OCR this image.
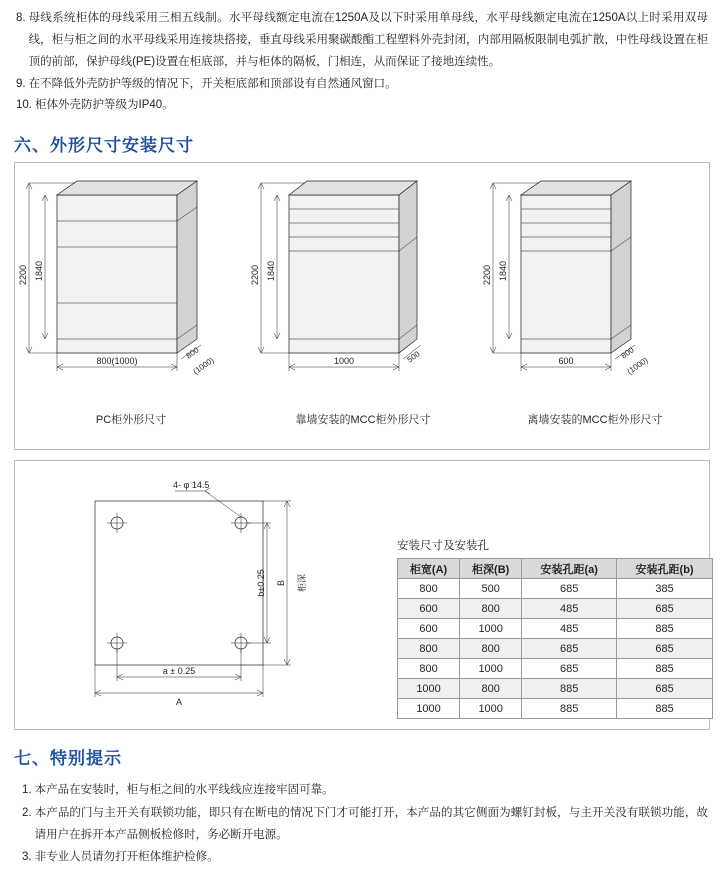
8. 母线系统柜体的母线采用三相五线制。水平母线额定电流在1250A及以下时采用单母线，水平母线额定电流在1250A以上时采用双母线，柜与柜之间的水平母线采用连接块搭接，垂直母线采用聚碳酸酯工程塑料外壳封闭，内部用隔板限制电弧扩散，中性母线设置在柜顶的前部，保护母线(PE)设置在柜底部，并与柜体的隔板，门相连，从而保证了接地连续性。
9. 在不降低外壳防护等级的情况下，开关柜底部和顶部设有自然通风窗口。
10. 柜体外壳防护等级为IP40。
六、外形尺寸安装尺寸
2200 1840
800(1000)
800
(1000)
PC柜外形尺寸
2200 1840
1000	500
靠墙安装的MCC柜外形尺寸
2200 1840
600
800
(1000)
离墙安装的MCC柜外形尺寸
4- φ 14.5
b±0.25 B 柜深
a ± 0.25
A
安装尺寸及安装孔
柜宽(A)	柜深(B)	安装孔距(a)	安装孔距(b)
800	500	685	385
600	800	485	685
600	1000	485	885
800	800	685	685
800	1000	685	885
1000	800	885	685
1000	1000	885	885
七、特别提示
1. 本产品在安装时，柜与柜之间的水平线线应连接牢固可靠。
2. 本产品的门与主开关有联锁功能，即只有在断电的情况下门才可能打开，本产品的其它侧面为螺钉封板，与主开关没有联锁功能，故请用户在拆开本产品侧板检修时，务必断开电源。
3. 非专业人员请勿打开柜体维护检修。
